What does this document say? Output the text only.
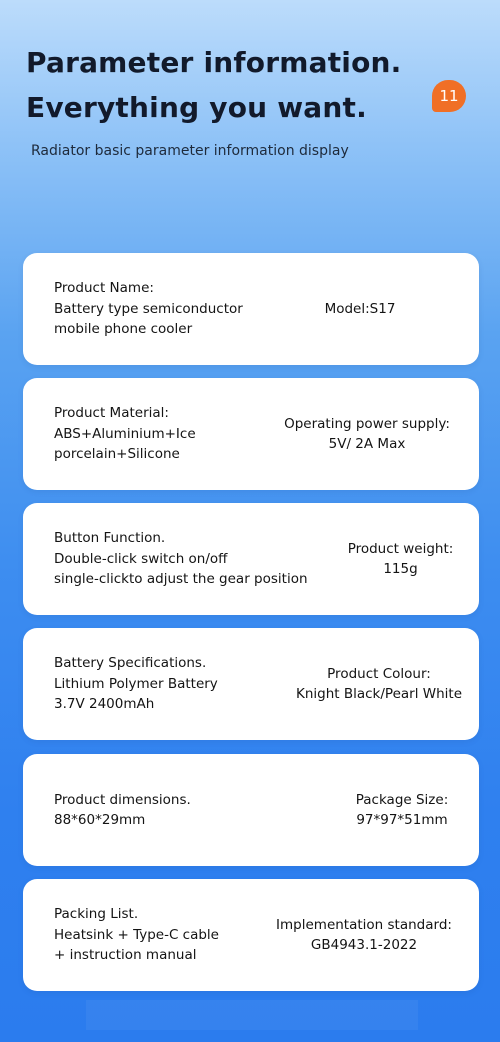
Parameter information.
Everything you want.	11
Radiator basic parameter information display
Product Name:
Battery type semiconductor
mobile phone cooler
Model:S17
Product Material:
ABS+Aluminium+Ice
porcelain+Silicone
Operating power supply:
5V/ 2A Max
Button Function.
Double-click switch on/off
single-clickto adjust the gear position
Product weight:
115g
Battery Specifications.
Lithium Polymer Battery
3.7V 2400mAh
Product Colour:
Knight Black/Pearl White
Product dimensions.
88*60*29mm
Package Size:
97*97*51mm
Packing List.
Heatsink + Type-C cable
+ instruction manual
Implementation standard:
GB4943.1-2022
